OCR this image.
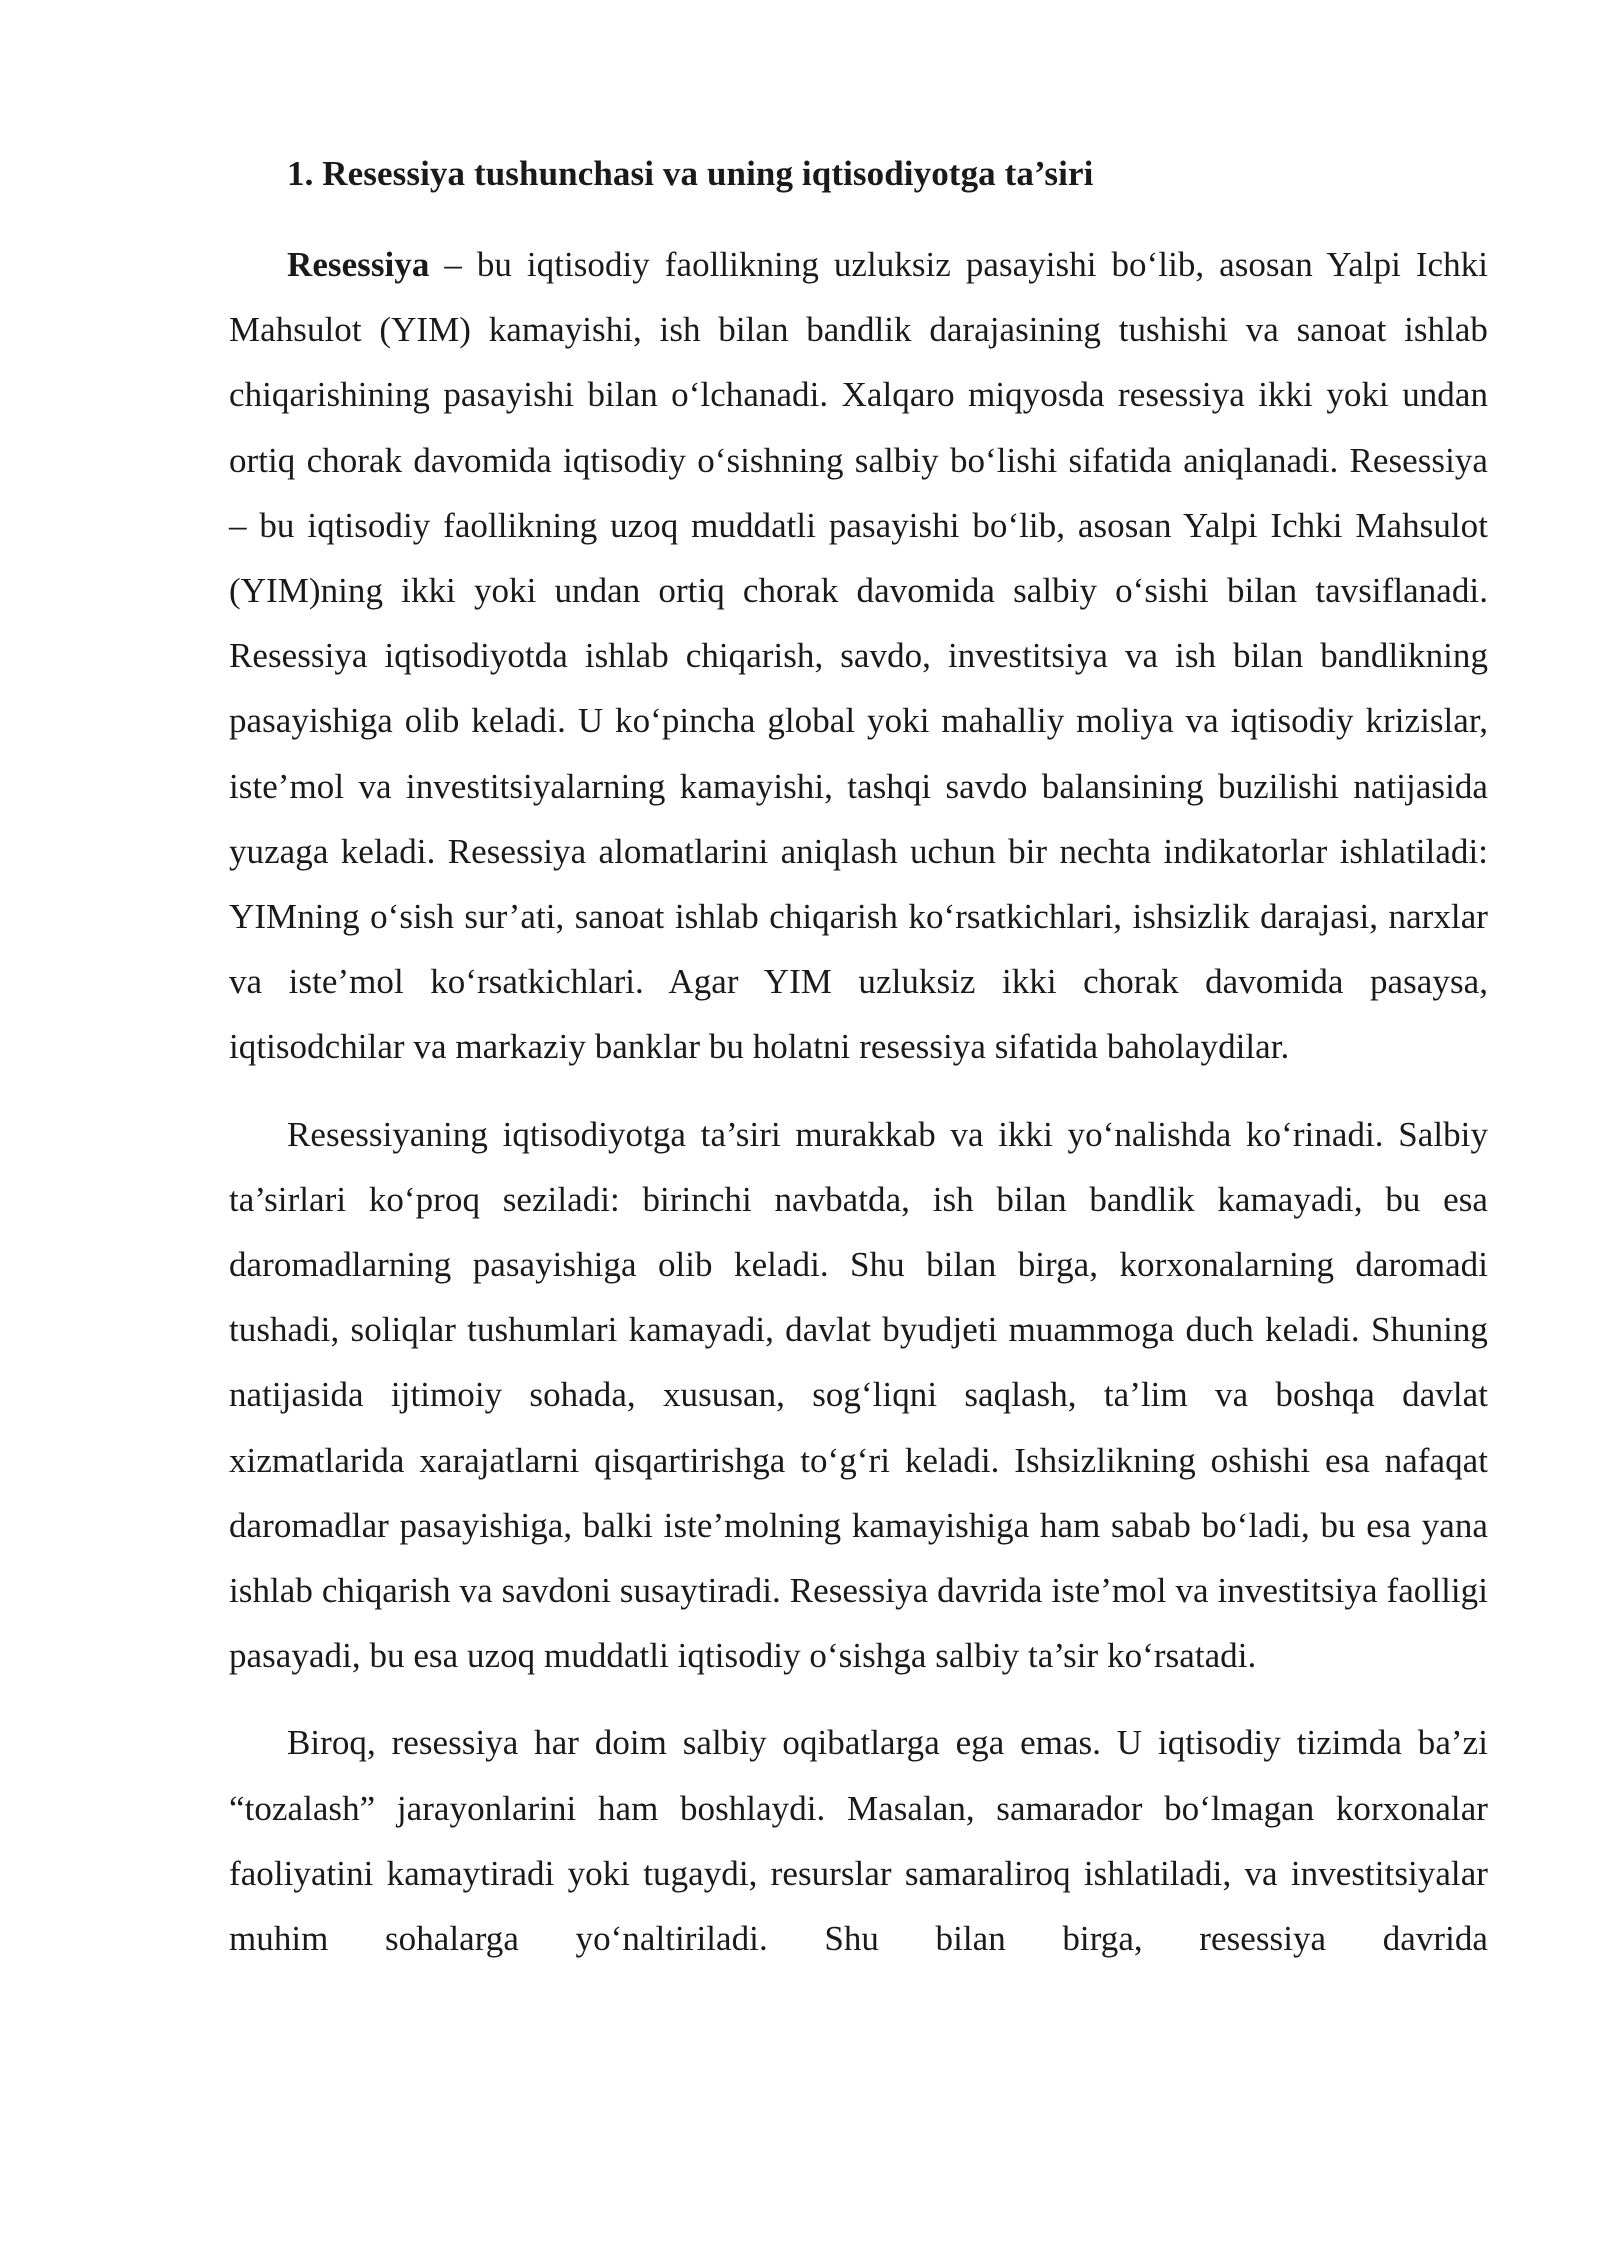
1. Resessiya tushunchasi va uning iqtisodiyotga ta’siri

Resessiya – bu iqtisodiy faollikning uzluksiz pasayishi bo‘lib, asosan Yalpi Ichki Mahsulot (YIM) kamayishi, ish bilan bandlik darajasining tushishi va sanoat ishlab chiqarishining pasayishi bilan o‘lchanadi. Xalqaro miqyosda resessiya ikki yoki undan ortiq chorak davomida iqtisodiy o‘sishning salbiy bo‘lishi sifatida aniqlanadi. Resessiya – bu iqtisodiy faollikning uzoq muddatli pasayishi bo‘lib, asosan Yalpi Ichki Mahsulot (YIM)ning ikki yoki undan ortiq chorak davomida salbiy o‘sishi bilan tavsiflanadi. Resessiya iqtisodiyotda ishlab chiqarish, savdo, investitsiya va ish bilan bandlikning pasayishiga olib keladi. U ko‘pincha global yoki mahalliy moliya va iqtisodiy krizislar, iste’mol va investitsiyalarning kamayishi, tashqi savdo balansining buzilishi natijasida yuzaga keladi. Resessiya alomatlarini aniqlash uchun bir nechta indikatorlar ishlatiladi: YIMning o‘sish sur’ati, sanoat ishlab chiqarish ko‘rsatkichlari, ishsizlik darajasi, narxlar va iste’mol ko‘rsatkichlari. Agar YIM uzluksiz ikki chorak davomida pasaysa, iqtisodchilar va markaziy banklar bu holatni resessiya sifatida baholaydilar.

Resessiyaning iqtisodiyotga ta’siri murakkab va ikki yo‘nalishda ko‘rinadi. Salbiy ta’sirlari ko‘proq seziladi: birinchi navbatda, ish bilan bandlik kamayadi, bu esa daromadlarning pasayishiga olib keladi. Shu bilan birga, korxonalarning daromadi tushadi, soliqlar tushumlari kamayadi, davlat byudjeti muammoga duch keladi. Shuning natijasida ijtimoiy sohada, xususan, sog‘liqni saqlash, ta’lim va boshqa davlat xizmatlarida xarajatlarni qisqartirishga to‘g‘ri keladi. Ishsizlikning oshishi esa nafaqat daromadlar pasayishiga, balki iste’molning kamayishiga ham sabab bo‘ladi, bu esa yana ishlab chiqarish va savdoni susaytiradi. Resessiya davrida iste’mol va investitsiya faolligi pasayadi, bu esa uzoq muddatli iqtisodiy o‘sishga salbiy ta’sir ko‘rsatadi.

Biroq, resessiya har doim salbiy oqibatlarga ega emas. U iqtisodiy tizimda ba’zi “tozalash” jarayonlarini ham boshlaydi. Masalan, samarador bo‘lmagan korxonalar faoliyatini kamaytiradi yoki tugaydi, resurslar samaraliroq ishlatiladi, va investitsiyalar muhim sohalarga yo‘naltiriladi. Shu bilan birga, resessiya davrida
